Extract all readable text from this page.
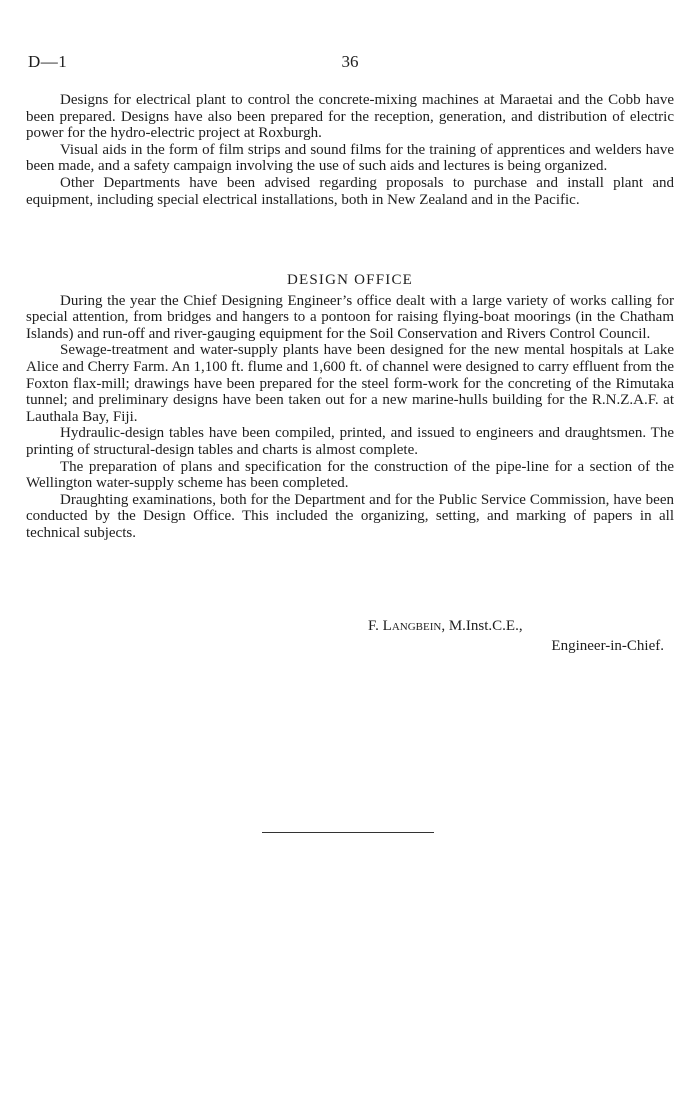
D—1	36

Designs for electrical plant to control the concrete-mixing machines at Maraetai and the Cobb have been prepared. Designs have also been prepared for the reception, generation, and distribution of electric power for the hydro-electric project at Roxburgh.

Visual aids in the form of film strips and sound films for the training of apprentices and welders have been made, and a safety campaign involving the use of such aids and lectures is being organized.

Other Departments have been advised regarding proposals to purchase and install plant and equipment, including special electrical installations, both in New Zealand and in the Pacific.

DESIGN OFFICE

During the year the Chief Designing Engineer’s office dealt with a large variety of works calling for special attention, from bridges and hangers to a pontoon for raising flying-boat moorings (in the Chatham Islands) and run-off and river-gauging equipment for the Soil Conservation and Rivers Control Council.

Sewage-treatment and water-supply plants have been designed for the new mental hospitals at Lake Alice and Cherry Farm. An 1,100 ft. flume and 1,600 ft. of channel were designed to carry effluent from the Foxton flax-mill; drawings have been prepared for the steel form-work for the concreting of the Rimutaka tunnel; and preliminary designs have been taken out for a new marine-hulls building for the R.N.Z.A.F. at Lauthala Bay, Fiji.

Hydraulic-design tables have been compiled, printed, and issued to engineers and draughtsmen. The printing of structural-design tables and charts is almost complete.

The preparation of plans and specification for the construction of the pipe-line for a section of the Wellington water-supply scheme has been completed.

Draughting examinations, both for the Department and for the Public Service Commission, have been conducted by the Design Office. This included the organizing, setting, and marking of papers in all technical subjects.

F. Langbein, M.Inst.C.E.,
Engineer-in-Chief.
